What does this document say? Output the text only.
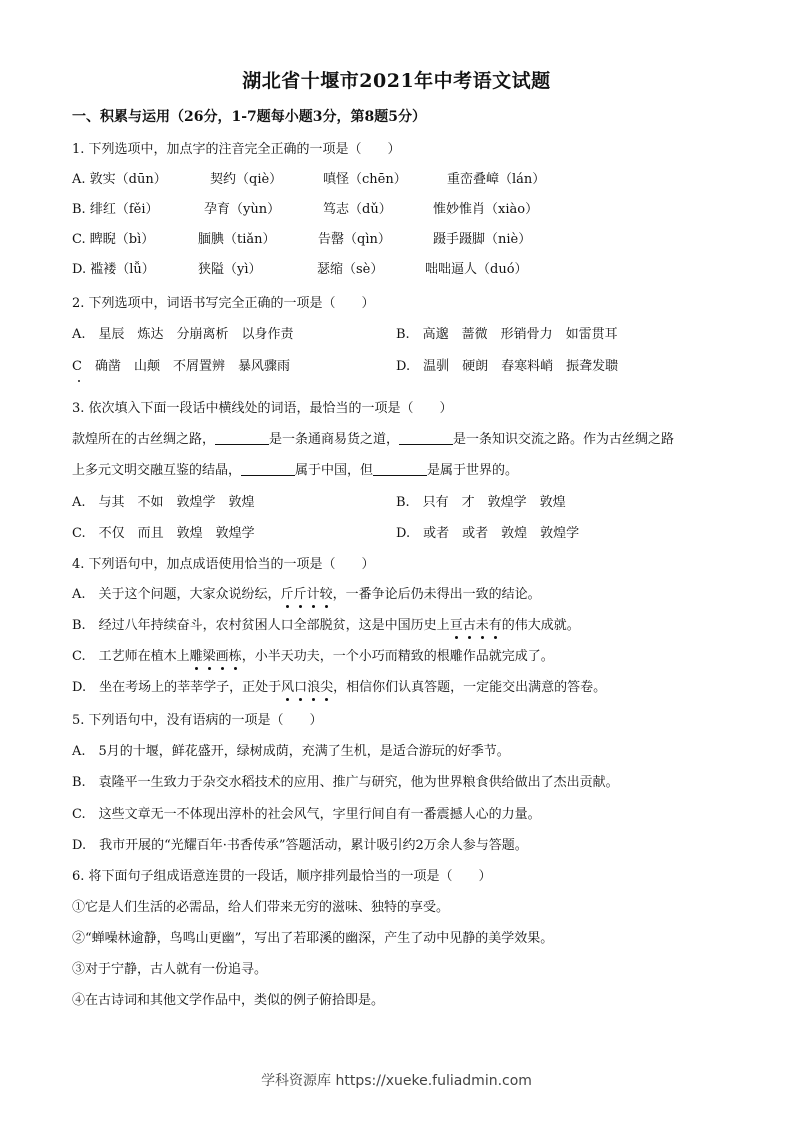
湖北省十堰市2021年中考语文试题
一、积累与运用（26分，1-7题每小题3分，第8题5分）
1. 下列选项中，加点字的注音完全正确的一项是（　　）
A. 敦实（dūn）	契约（qiè）	嗔怪（chēn）	重峦叠嶂（lán）
B. 绯红（fěi）	孕育（yùn）	笃志（dǔ）	惟妙惟肖（xiào）
C. 睥睨（bì）	腼腆（tiǎn）	告罄（qìn）	蹑手蹑脚（niè）
D. 褴褛（lǚ）	狭隘（yì）	瑟缩（sè）	咄咄逼人（duó）
2. 下列选项中，词语书写完全正确的一项是（　　）
A.　星辰　炼达　分崩离析　以身作责	B.　高邈　蔷微　形销骨力　如雷贯耳
C　确凿　山颠　不屑置辨　暴风骤雨	D.　温驯　硬朗　春寒料峭　振聋发聩
3. 依次填入下面一段话中横线处的词语，最恰当的一项是（　　）
款煌所在的古丝绸之路，	是一条通商易货之道，	是一条知识交流之路。作为古丝绸之路
上多元文明交融互鉴的结晶，	属于中国，但	是属于世界的。
A.　与其　不如　敦煌学　敦煌	B.　只有　才　敦煌学　敦煌
C.　不仅　而且　敦煌　敦煌学	D.　或者　或者　敦煌　敦煌学
4. 下列语句中，加点成语使用恰当的一项是（　　）
A.　关于这个问题，大家众说纷纭，斤斤计较，一番争论后仍未得出一致的结论。
B.　经过八年持续奋斗，农村贫困人口全部脱贫，这是中国历史上亘古未有的伟大成就。
C.　工艺师在植木上雕梁画栋，小半天功夫，一个小巧而精致的根雕作品就完成了。
D.　坐在考场上的莘莘学子，正处于风口浪尖，相信你们认真答题，一定能交出满意的答卷。
5. 下列语句中，没有语病的一项是（　　）
A.　5月的十堰，鲜花盛开，绿树成荫，充满了生机，是适合游玩的好季节。
B.　袁隆平一生致力于杂交水稻技术的应用、推广与研究，他为世界粮食供给做出了杰出贡献。
C.　这些文章无一不体现出淳朴的社会风气，字里行间自有一番震撼人心的力量。
D.　我市开展的“光耀百年·书香传承”答题活动，累计吸引约2万余人参与答题。
6. 将下面句子组成语意连贯的一段话，顺序排列最恰当的一项是（　　）
①它是人们生活的必需品，给人们带来无穷的滋味、独特的享受。
②“蝉噪林逾静，鸟鸣山更幽”，写出了若耶溪的幽深，产生了动中见静的美学效果。
③对于宁静，古人就有一份追寻。
④在古诗词和其他文学作品中，类似的例子俯拾即是。
学科资源库 https://xueke.fuliadmin.com
